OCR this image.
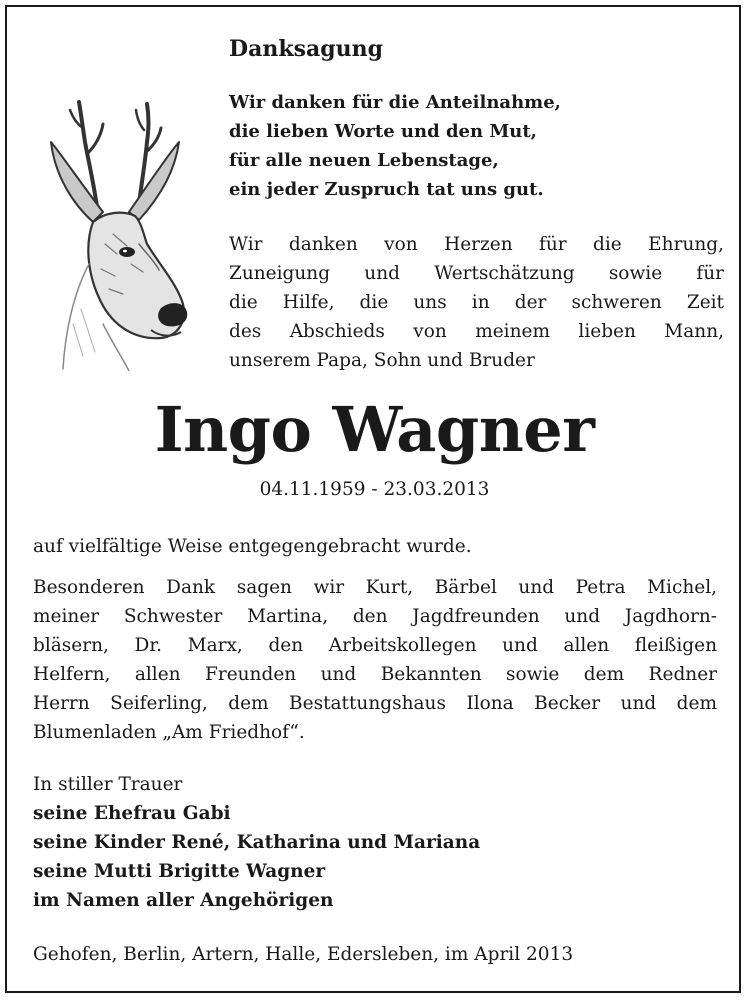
Danksagung
Wir danken für die Anteilnahme,
die lieben Worte und den Mut,
für alle neuen Lebenstage,
ein jeder Zuspruch tat uns gut.
Wir danken von Herzen für die Ehrung,
Zuneigung und Wertschätzung sowie für
die Hilfe, die uns in der schweren Zeit
des Abschieds von meinem lieben Mann,
unserem Papa, Sohn und Bruder
Ingo Wagner
04.11.1959 - 23.03.2013
auf vielfältige Weise entgegengebracht wurde.
Besonderen Dank sagen wir Kurt, Bärbel und Petra Michel,
meiner Schwester Martina, den Jagdfreunden und Jagdhorn-
bläsern, Dr. Marx, den Arbeitskollegen und allen fleißigen
Helfern, allen Freunden und Bekannten sowie dem Redner
Herrn Seiferling, dem Bestattungshaus Ilona Becker und dem
Blumenladen „Am Friedhof“.
In stiller Trauer
seine Ehefrau Gabi
seine Kinder René, Katharina und Mariana
seine Mutti Brigitte Wagner
im Namen aller Angehörigen
Gehofen, Berlin, Artern, Halle, Edersleben, im April 2013
